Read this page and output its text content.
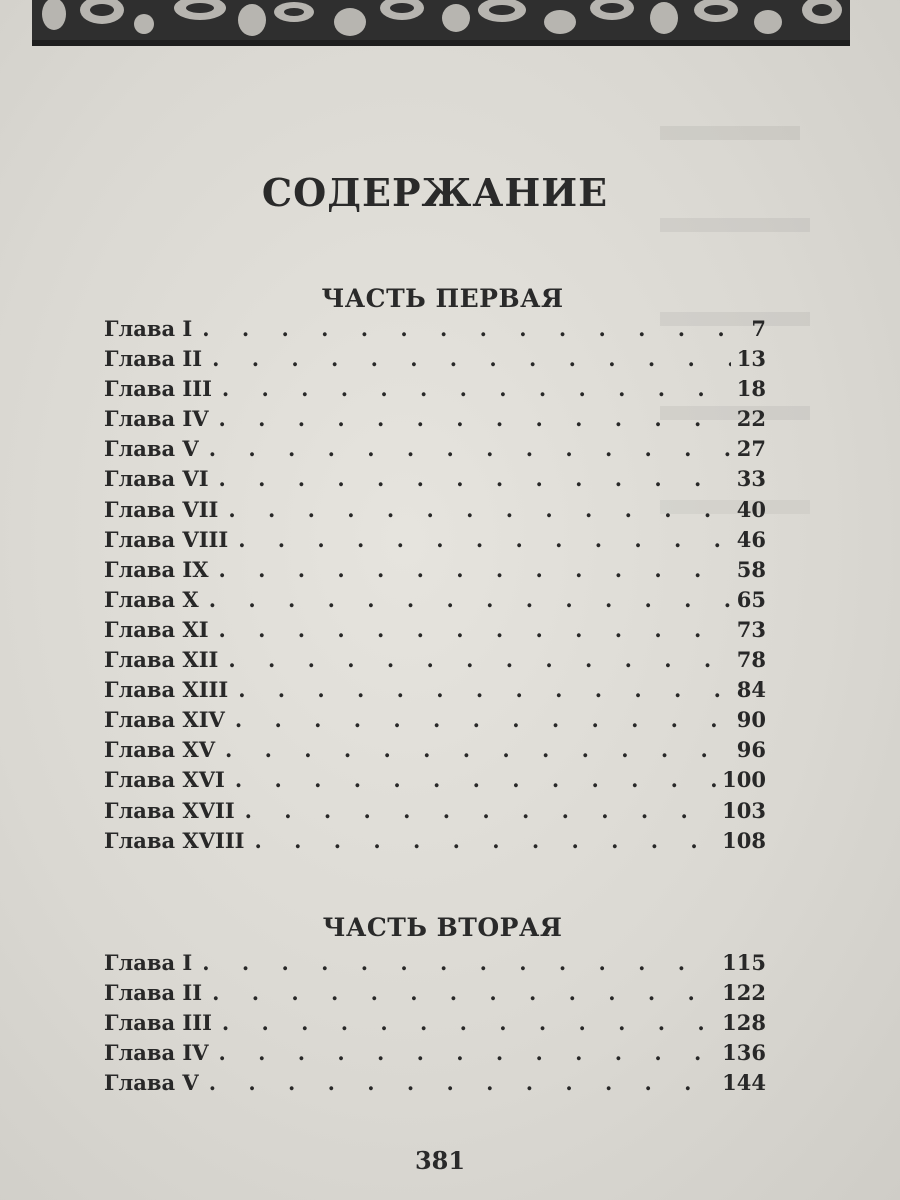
СОДЕРЖАНИЕ
ЧАСТЬ ПЕРВАЯ
Глава I . . .	7
Глава II . . .	13
Глава III . . .	18
Глава IV . . .	22
Глава V . . .	27
Глава VI . . .	33
Глава VII . . .	40
Глава VIII . . .	46
Глава IX . . .	58
Глава X . . .	65
Глава XI . . .	73
Глава XII . . .	78
Глава XIII . . .	84
Глава XIV . . .	90
Глава XV . . .	96
Глава XVI . . .	100
Глава XVII . . .	103
Глава XVIII . . .	108
ЧАСТЬ ВТОРАЯ
Глава I . . .	115
Глава II . . .	122
Глава III . . .	128
Глава IV . . .	136
Глава V . . .	144
381
